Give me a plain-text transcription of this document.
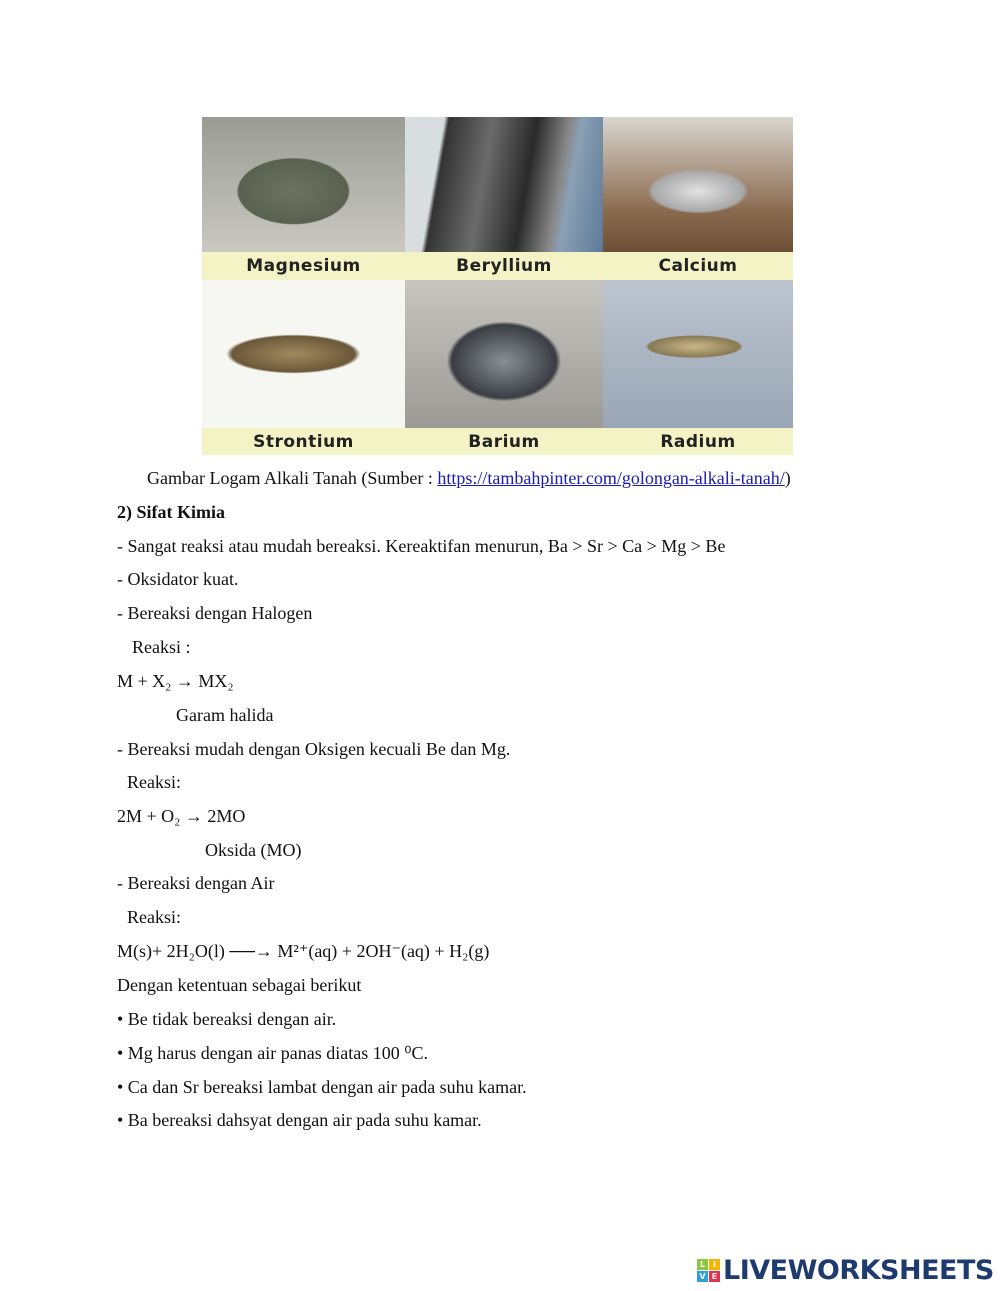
Magnesium	Beryllium	Calcium
Strontium	Barium	Radium
Gambar Logam Alkali Tanah (Sumber : https://tambahpinter.com/golongan-alkali-tanah/)
2) Sifat Kimia
- Sangat reaksi atau mudah bereaksi. Kereaktifan menurun, Ba > Sr > Ca > Mg > Be
- Oksidator kuat.
- Bereaksi dengan Halogen
Reaksi :
M + X₂ → MX₂
Garam halida
- Bereaksi mudah dengan Oksigen kecuali Be dan Mg.
Reaksi:
2M + O₂ → 2MO
Oksida (MO)
- Bereaksi dengan Air
Reaksi:
M(s)+ 2H₂O(l) ──→ M²⁺(aq) + 2OH⁻(aq) + H₂(g)
Dengan ketentuan sebagai berikut
• Be tidak bereaksi dengan air.
• Mg harus dengan air panas diatas 100 ⁰C.
• Ca dan Sr bereaksi lambat dengan air pada suhu kamar.
• Ba bereaksi dahsyat dengan air pada suhu kamar.
L I
V E LIVEWORKSHEETS
